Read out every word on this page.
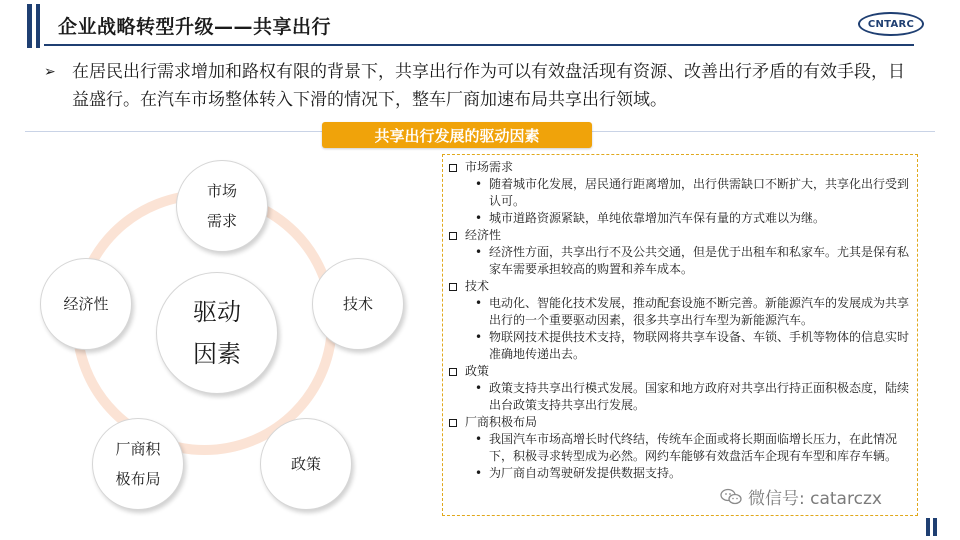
企业战略转型升级——共享出行	CNTARC
➢ 在居民出行需求增加和路权有限的背景下，共享出行作为可以有效盘活现有资源、改善出行矛盾的有效手段，日益盛行。在汽车市场整体转入下滑的情况下，整车厂商加速布局共享出行领域。
共享出行发展的驱动因素
市场
需求
技术
政策
厂商积
极布局
经济性	驱动
因素
市场需求
• 随着城市化发展，居民通行距离增加，出行供需缺口不断扩大，共享化出行受到认可。
• 城市道路资源紧缺，单纯依靠增加汽车保有量的方式难以为继。
经济性
• 经济性方面，共享出行不及公共交通，但是优于出租车和私家车。尤其是保有私家车需要承担较高的购置和养车成本。
技术
• 电动化、智能化技术发展，推动配套设施不断完善。新能源汽车的发展成为共享出行的一个重要驱动因素，很多共享出行车型为新能源汽车。
• 物联网技术提供技术支持，物联网将共享车设备、车锁、手机等物体的信息实时准确地传递出去。
政策
• 政策支持共享出行模式发展。国家和地方政府对共享出行持正面积极态度，陆续出台政策支持共享出行发展。
厂商积极布局
• 我国汽车市场高增长时代终结，传统车企面或将长期面临增长压力，在此情况下，积极寻求转型成为必然。网约车能够有效盘活车企现有车型和库存车辆。
• 为厂商自动驾驶研发提供数据支持。
微信号: catarczx
